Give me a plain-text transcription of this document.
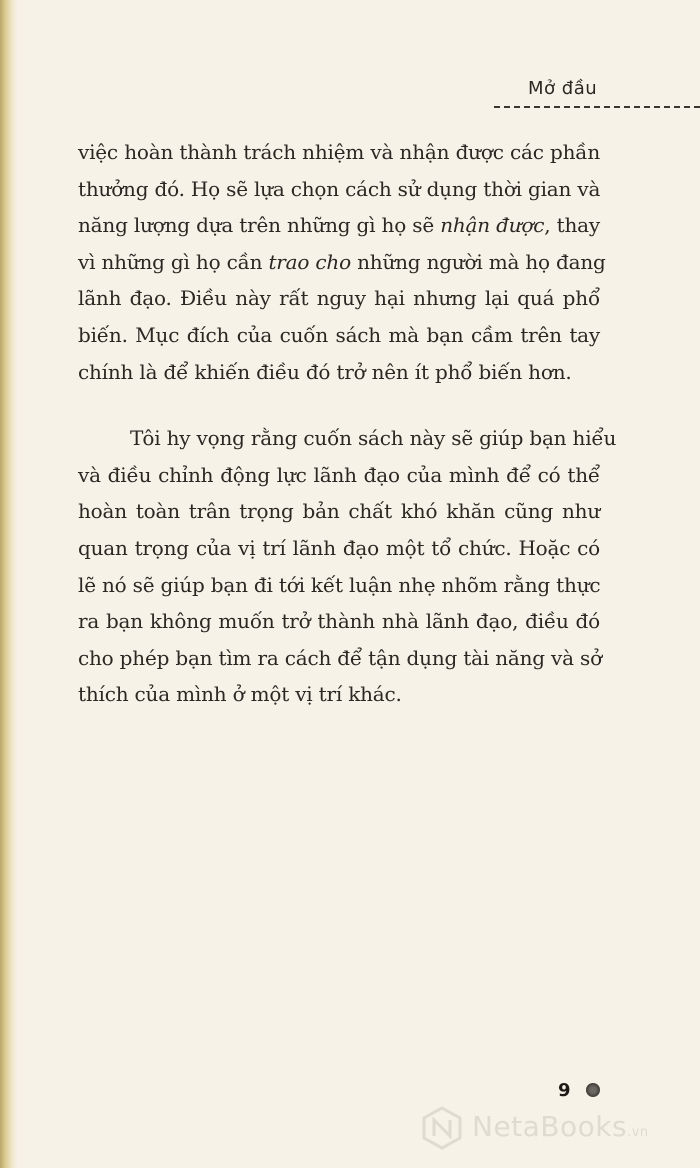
Mở đầu
việc hoàn thành trách nhiệm và nhận được các phần
thưởng đó. Họ sẽ lựa chọn cách sử dụng thời gian và
năng lượng dựa trên những gì họ sẽ nhận được, thay
vì những gì họ cần trao cho những người mà họ đang
lãnh đạo. Điều này rất nguy hại nhưng lại quá phổ
biến. Mục đích của cuốn sách mà bạn cầm trên tay
chính là để khiến điều đó trở nên ít phổ biến hơn.
Tôi hy vọng rằng cuốn sách này sẽ giúp bạn hiểu
và điều chỉnh động lực lãnh đạo của mình để có thể
hoàn toàn trân trọng bản chất khó khăn cũng như
quan trọng của vị trí lãnh đạo một tổ chức. Hoặc có
lẽ nó sẽ giúp bạn đi tới kết luận nhẹ nhõm rằng thực
ra bạn không muốn trở thành nhà lãnh đạo, điều đó
cho phép bạn tìm ra cách để tận dụng tài năng và sở
thích của mình ở một vị trí khác.
9
NetaBooks.vn
